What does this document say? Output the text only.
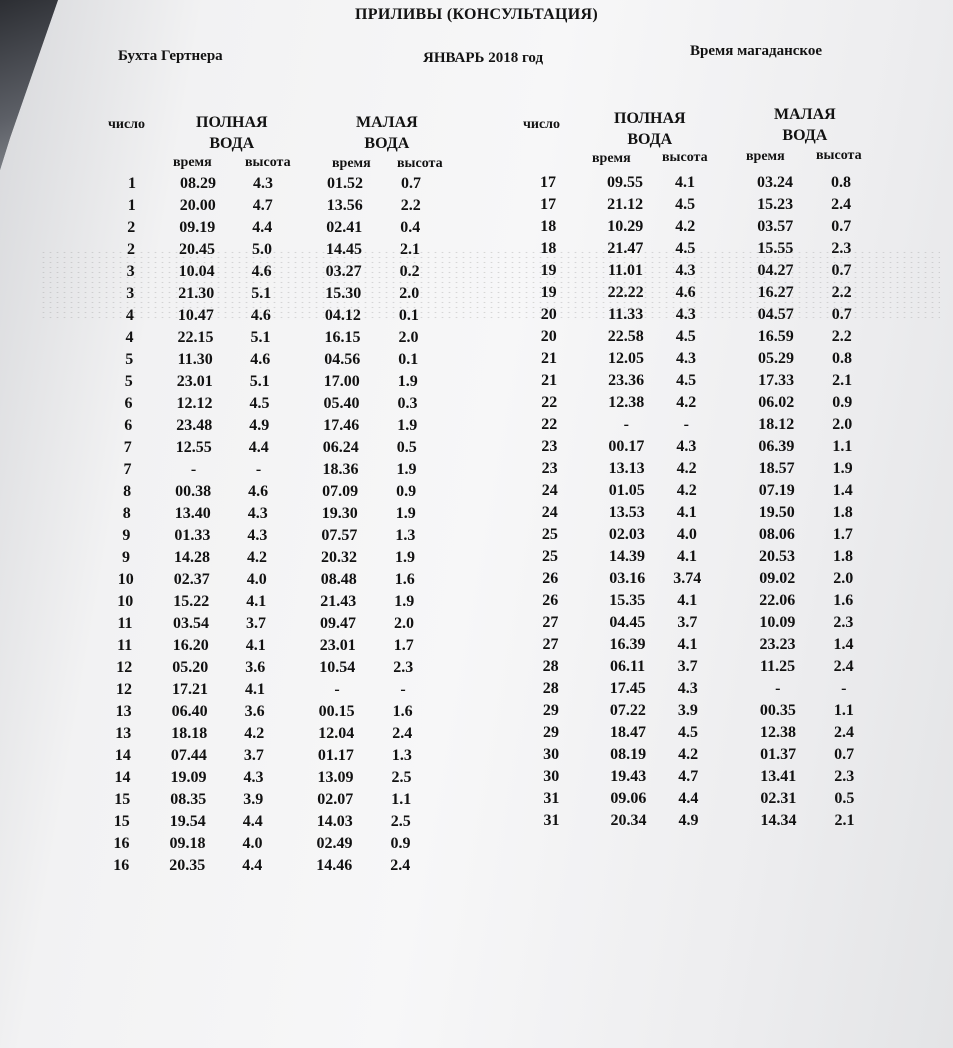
ПРИЛИВЫ (КОНСУЛЬТАЦИЯ)
Бухта Гертнера	ЯНВАРЬ 2018 год	Время магаданское
число	ПОЛНАЯ
ВОДА
МАЛАЯ
ВОДА
время высота	время высота
число	ПОЛНАЯ
ВОДА
МАЛАЯ
ВОДА
время высота	время высота
1	08.29	4.3	01.52	0.7
1	20.00	4.7	13.56	2.2
2	09.19	4.4	02.41	0.4
2	20.45	5.0	14.45	2.1
3	10.04	4.6	03.27	0.2
3	21.30	5.1	15.30	2.0
4	10.47	4.6	04.12	0.1
4	22.15	5.1	16.15	2.0
5	11.30	4.6	04.56	0.1
5	23.01	5.1	17.00	1.9
6	12.12	4.5	05.40	0.3
6	23.48	4.9	17.46	1.9
7	12.55	4.4	06.24	0.5
7	-	-	18.36	1.9
8	00.38	4.6	07.09	0.9
8	13.40	4.3	19.30	1.9
9	01.33	4.3	07.57	1.3
9	14.28	4.2	20.32	1.9
10	02.37	4.0	08.48	1.6
10	15.22	4.1	21.43	1.9
11	03.54	3.7	09.47	2.0
11	16.20	4.1	23.01	1.7
12	05.20	3.6	10.54	2.3
12	17.21	4.1	-	-
13	06.40	3.6	00.15	1.6
13	18.18	4.2	12.04	2.4
14	07.44	3.7	01.17	1.3
14	19.09	4.3	13.09	2.5
15	08.35	3.9	02.07	1.1
15	19.54	4.4	14.03	2.5
16	09.18	4.0	02.49	0.9
16	20.35	4.4	14.46	2.4
17	09.55	4.1	03.24	0.8
17	21.12	4.5	15.23	2.4
18	10.29	4.2	03.57	0.7
18	21.47	4.5	15.55	2.3
19	11.01	4.3	04.27	0.7
19	22.22	4.6	16.27	2.2
20	11.33	4.3	04.57	0.7
20	22.58	4.5	16.59	2.2
21	12.05	4.3	05.29	0.8
21	23.36	4.5	17.33	2.1
22	12.38	4.2	06.02	0.9
22	-	-	18.12	2.0
23	00.17	4.3	06.39	1.1
23	13.13	4.2	18.57	1.9
24	01.05	4.2	07.19	1.4
24	13.53	4.1	19.50	1.8
25	02.03	4.0	08.06	1.7
25	14.39	4.1	20.53	1.8
26	03.16	3.74	09.02	2.0
26	15.35	4.1	22.06	1.6
27	04.45	3.7	10.09	2.3
27	16.39	4.1	23.23	1.4
28	06.11	3.7	11.25	2.4
28	17.45	4.3	-	-
29	07.22	3.9	00.35	1.1
29	18.47	4.5	12.38	2.4
30	08.19	4.2	01.37	0.7
30	19.43	4.7	13.41	2.3
31	09.06	4.4	02.31	0.5
31	20.34	4.9	14.34	2.1
